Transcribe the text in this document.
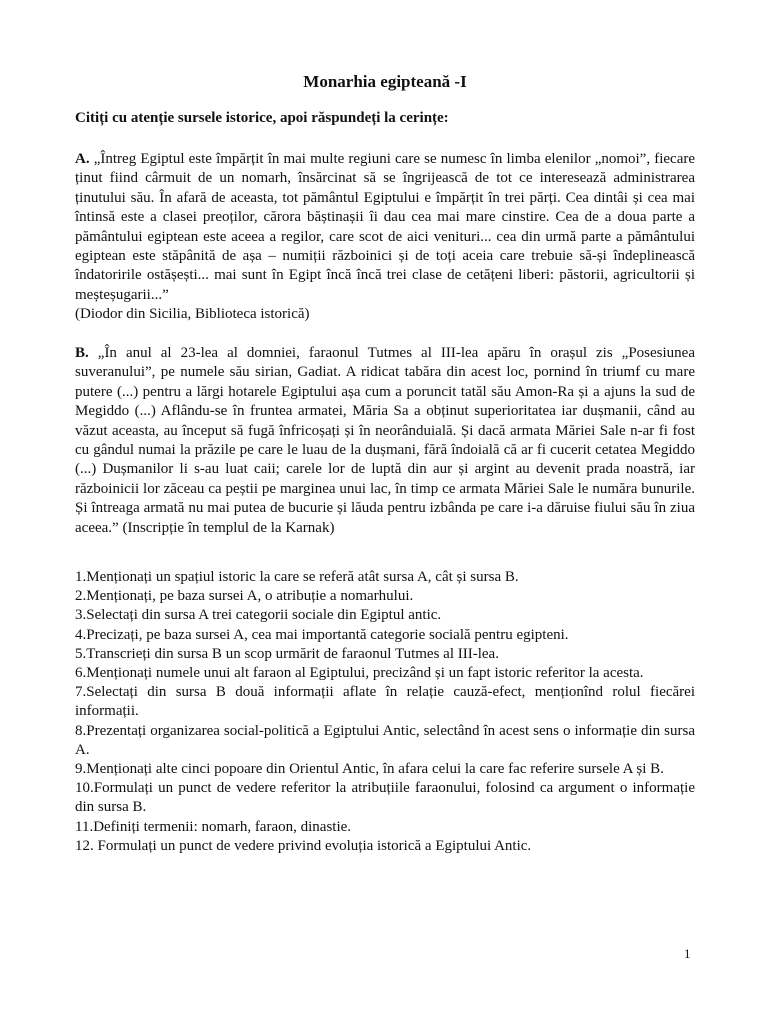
Monarhia egipteană -I

Citiți cu atenție sursele istorice, apoi răspundeți la cerințe:

A. „Întreg Egiptul este împărțit în mai multe regiuni care se numesc în limba elenilor „nomoi”, fiecare ținut fiind cârmuit de un nomarh, însărcinat să se îngrijească de tot ce interesează administrarea ținutului său. În afară de aceasta, tot pământul Egiptului e împărțit în trei părți. Cea dintâi și cea mai întinsă este a clasei preoților, cărora băștinașii îi dau cea mai mare cinstire. Cea de a doua parte a pământului egiptean este aceea a regilor, care scot de aici venituri... cea din urmă parte a pământului egiptean este stăpânită de așa – numiții războinici și de toți aceia care trebuie să-și îndeplinească îndatoririle ostășești... mai sunt în Egipt încă încă trei clase de cetățeni liberi: păstorii, agricultorii și meșteșugarii...”
(Diodor din Sicilia, Biblioteca istorică)

B. „În anul al 23-lea al domniei, faraonul Tutmes al III-lea apăru în orașul zis „Posesiunea suveranului”, pe numele său sirian, Gadiat. A ridicat tabăra din acest loc, pornind în triumf cu mare putere (...) pentru a lărgi hotarele Egiptului așa cum a poruncit tatăl său Amon-Ra și a ajuns la sud de Megiddo (...) Aflându-se în fruntea armatei, Măria Sa a obținut superioritatea iar dușmanii, când au văzut aceasta, au început să fugă înfricoșați și în neorânduială. Și dacă armata Măriei Sale n-ar fi fost cu gândul numai la prăzile pe care le luau de la dușmani, fără îndoială că ar fi cucerit cetatea Megiddo (...) Dușmanilor li s-au luat caii; carele lor de luptă din aur și argint au devenit prada noastră, iar războinicii lor zăceau ca peștii pe marginea unui lac, în timp ce armata Măriei Sale le număra bunurile. Și întreaga armată nu mai putea de bucurie și lăuda pentru izbânda pe care i-a dăruise fiului său în ziua aceea.” (Inscripție în templul de la Karnak)

1.Menționați un spațiul istoric la care se referă atât sursa A, cât și sursa B.
2.Menționați, pe baza sursei A, o atribuție a nomarhului.
3.Selectați din sursa A trei categorii sociale din Egiptul antic.
4.Precizați, pe baza sursei A, cea mai importantă categorie socială pentru egipteni.
5.Transcrieți din sursa B un scop urmărit de faraonul Tutmes al III-lea.
6.Menționați numele unui alt faraon al Egiptului, precizând și un fapt istoric referitor la acesta.
7.Selectați din sursa B două informații aflate în relație cauză-efect, menționînd rolul fiecărei informații.
8.Prezentați organizarea social-politică a Egiptului Antic, selectând în acest sens o informație din sursa A.
9.Menționați alte cinci popoare din Orientul Antic, în afara celui la care fac referire sursele A și B.
10.Formulați un punct de vedere referitor la atribuțiile faraonului, folosind ca argument o informație din sursa B.
11.Definiți termenii: nomarh, faraon, dinastie.
12. Formulați un punct de vedere privind evoluția istorică a Egiptului Antic.
1
